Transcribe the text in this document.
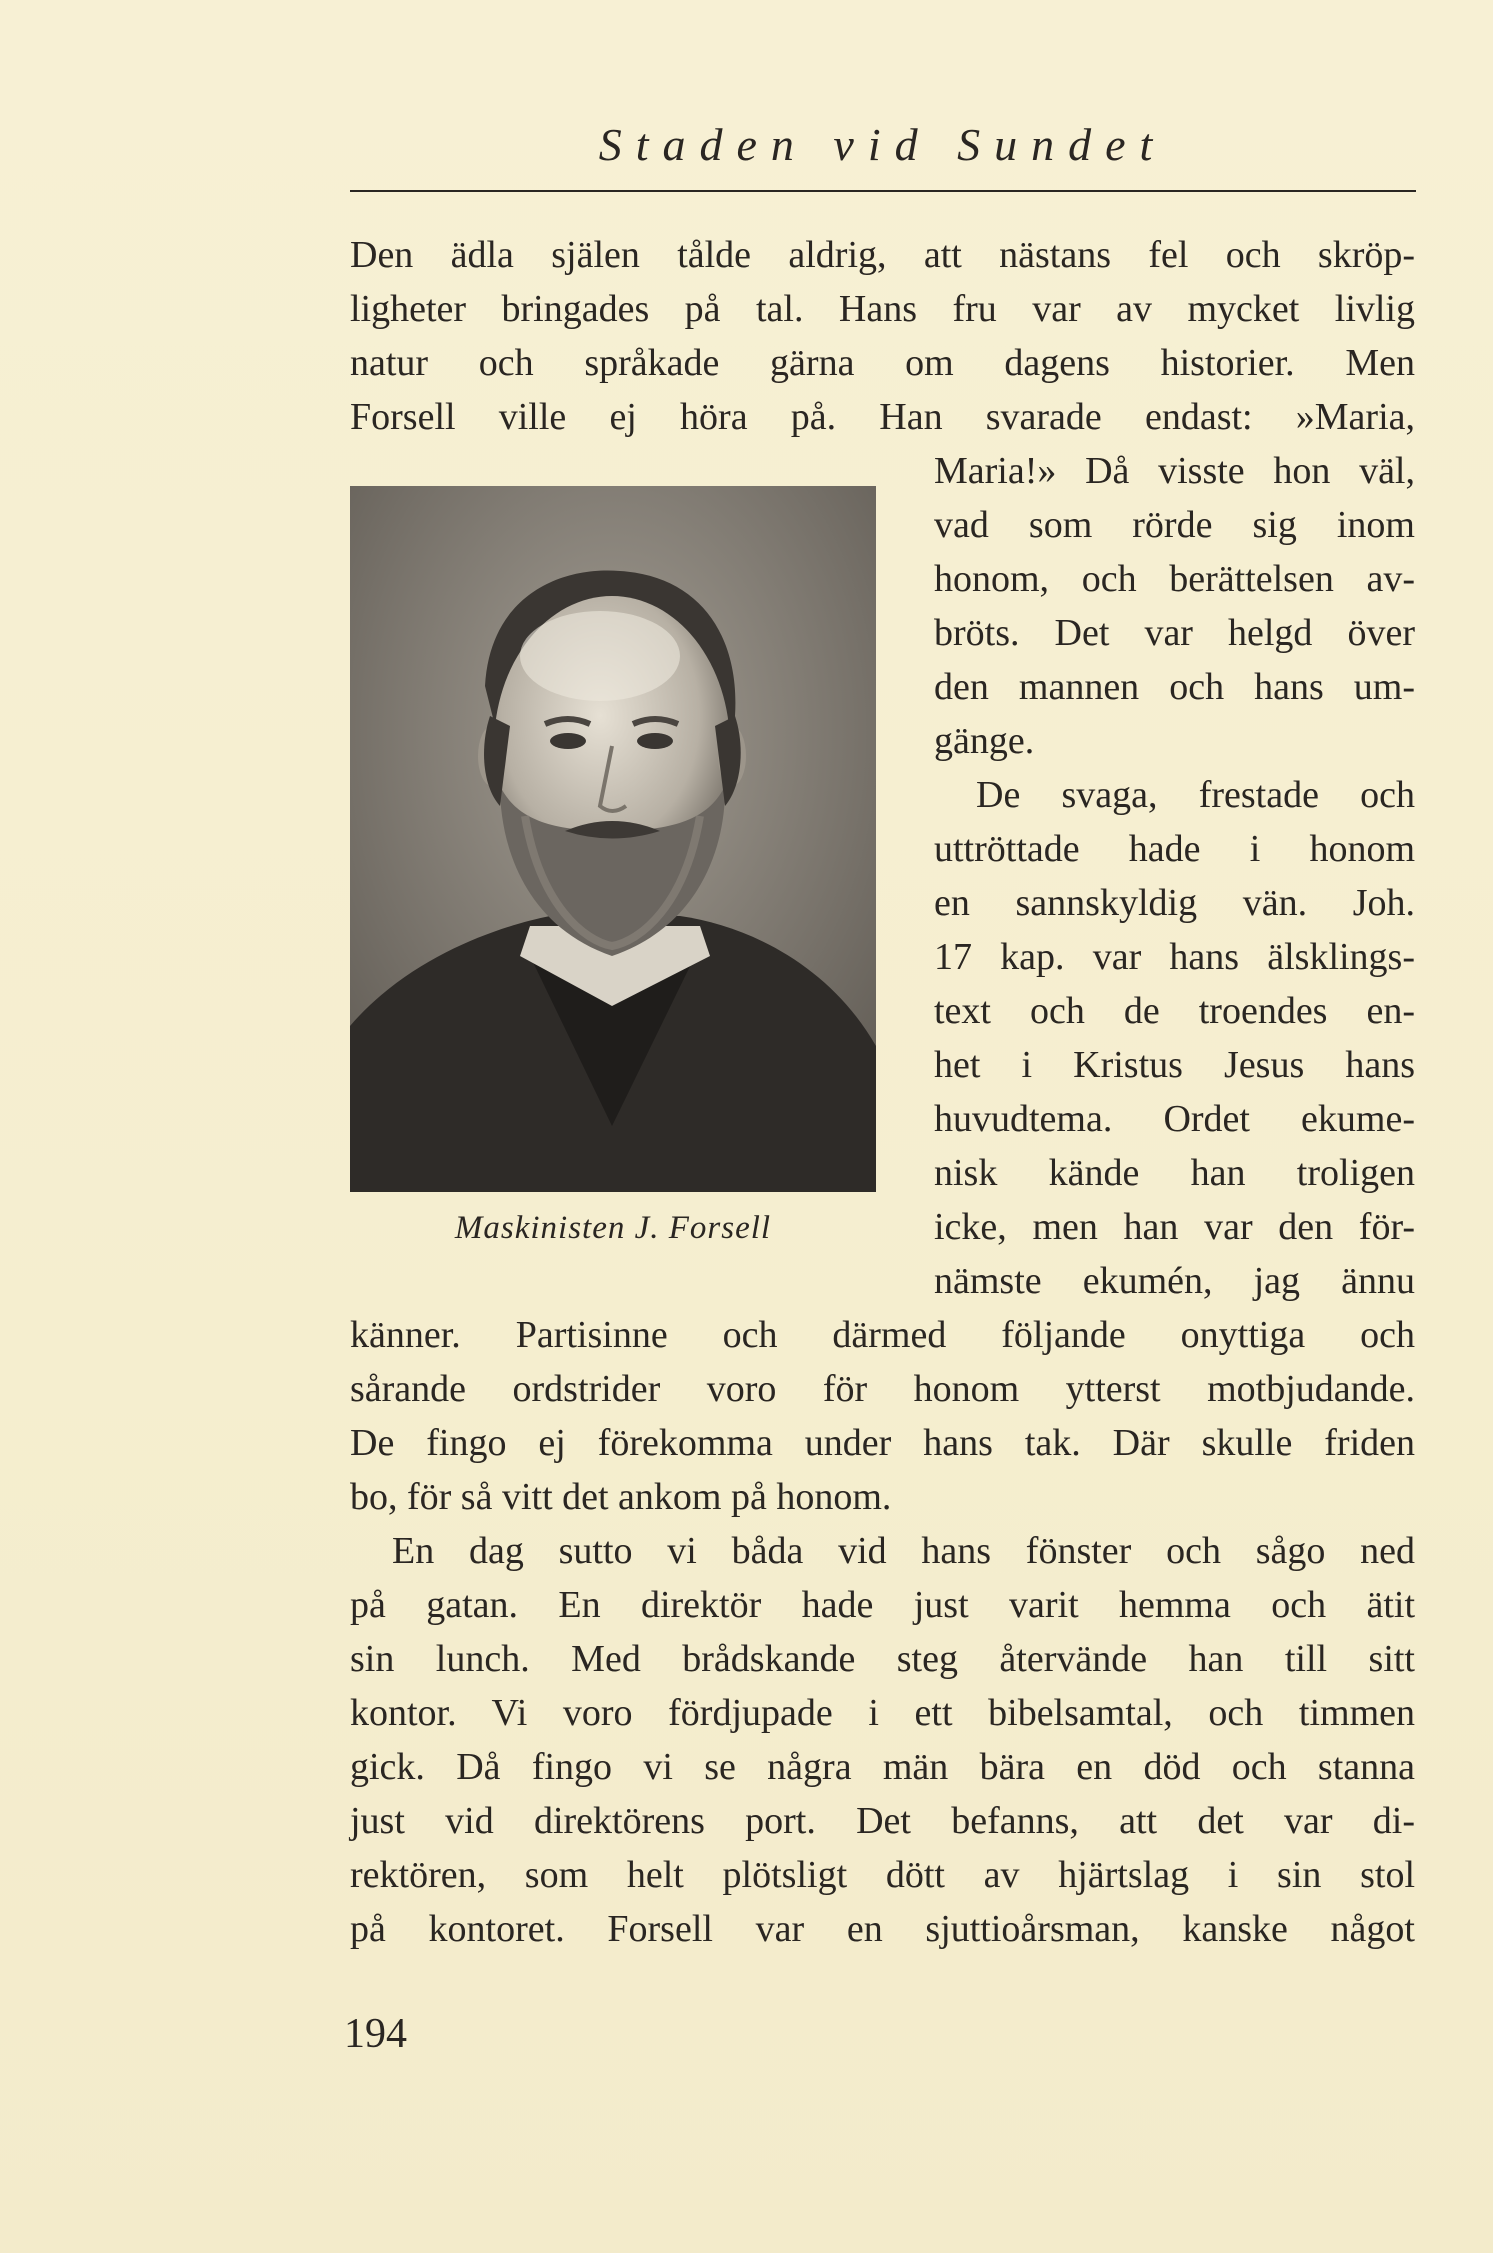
Staden vid Sundet
Den ädla själen tålde aldrig, att nästans fel och skröp-
ligheter bringades på tal. Hans fru var av mycket livlig
natur och språkade gärna om dagens historier. Men
Forsell ville ej höra på. Han svarade endast: »Maria,
Maskinisten J. Forsell
Maria!» Då visste hon väl,
vad som rörde sig inom
honom, och berättelsen av-
bröts. Det var helgd över
den mannen och hans um-
gänge.
De svaga, frestade och
uttröttade hade i honom
en sannskyldig vän. Joh.
17 kap. var hans älsklings-
text och de troendes en-
het i Kristus Jesus hans
huvudtema. Ordet ekume-
nisk kände han troligen
icke, men han var den för-
nämste ekumén, jag ännu
känner. Partisinne och därmed följande onyttiga och
sårande ordstrider voro för honom ytterst motbjudande.
De fingo ej förekomma under hans tak. Där skulle friden
bo, för så vitt det ankom på honom.
En dag sutto vi båda vid hans fönster och sågo ned
på gatan. En direktör hade just varit hemma och ätit
sin lunch. Med brådskande steg återvände han till sitt
kontor. Vi voro fördjupade i ett bibelsamtal, och timmen
gick. Då fingo vi se några män bära en död och stanna
just vid direktörens port. Det befanns, att det var di-
rektören, som helt plötsligt dött av hjärtslag i sin stol
på kontoret. Forsell var en sjuttioårsman, kanske något
194
